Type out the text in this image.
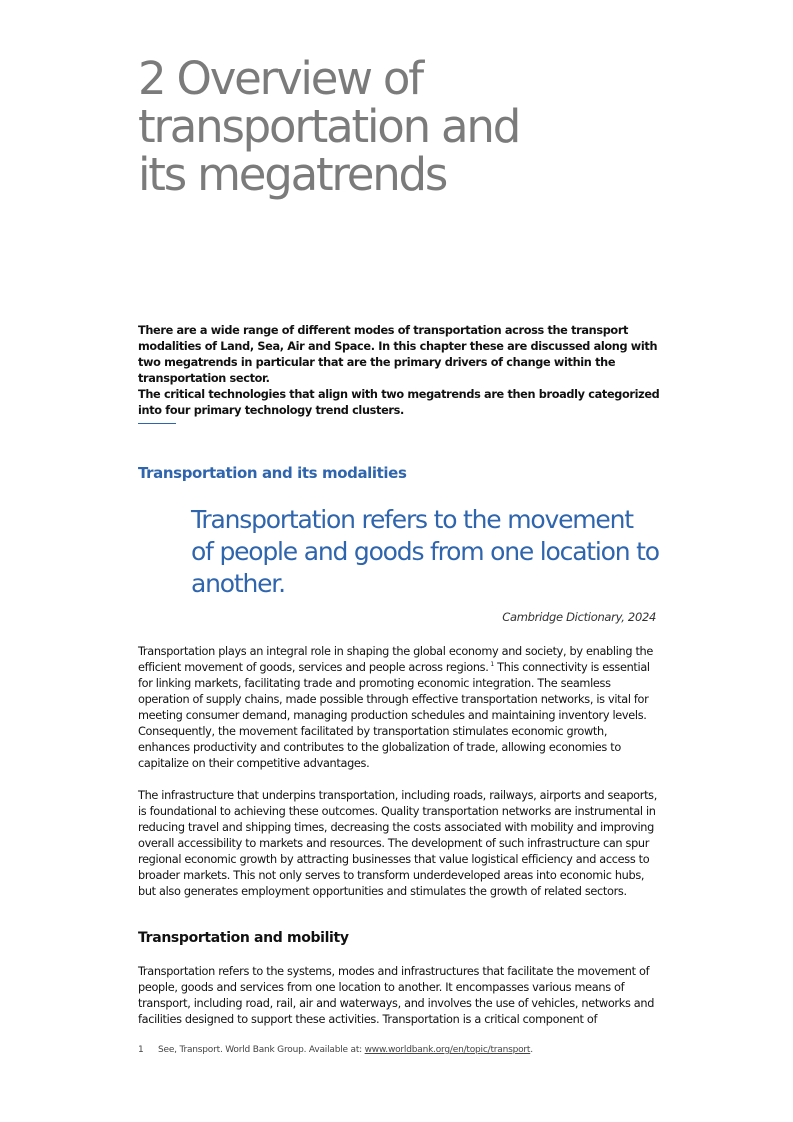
2 Overview of
transportation and
its megatrends

There are a wide range of different modes of transportation across the transport modalities of Land, Sea, Air and Space. In this chapter these are discussed along with two megatrends in particular that are the primary drivers of change within the transportation sector.

The critical technologies that align with two megatrends are then broadly categorized into four primary technology trend clusters.

Transportation and its modalities

Transportation refers to the movement of people and goods from one location to another.

Cambridge Dictionary, 2024

Transportation plays an integral role in shaping the global economy and society, by enabling the efficient movement of goods, services and people across regions.  $^1$ This connectivity is essential for linking markets, facilitating trade and promoting economic integration. The seamless operation of supply chains, made possible through effective transportation networks, is vital for meeting consumer demand, managing production schedules and maintaining inventory levels. Consequently, the movement facilitated by transportation stimulates economic growth, enhances productivity and contributes to the globalization of trade, allowing economies to capitalize on their competitive advantages.

The infrastructure that underpins transportation, including roads, railways, airports and seaports, is foundational to achieving these outcomes. Quality transportation networks are instrumental in reducing travel and shipping times, decreasing the costs associated with mobility and improving overall accessibility to markets and resources. The development of such infrastructure can spur regional economic growth by attracting businesses that value logistical efficiency and access to broader markets. This not only serves to transform underdeveloped areas into economic hubs, but also generates employment opportunities and stimulates the growth of related sectors.

Transportation and mobility

Transportation refers to the systems, modes and infrastructures that facilitate the movement of people, goods and services from one location to another. It encompasses various means of transport, including road, rail, air and waterways, and involves the use of vehicles, networks and facilities designed to support these activities. Transportation is a critical component of

1 See, Transport. World Bank Group. Available at: www.worldbank.org/en/topic/transport.
